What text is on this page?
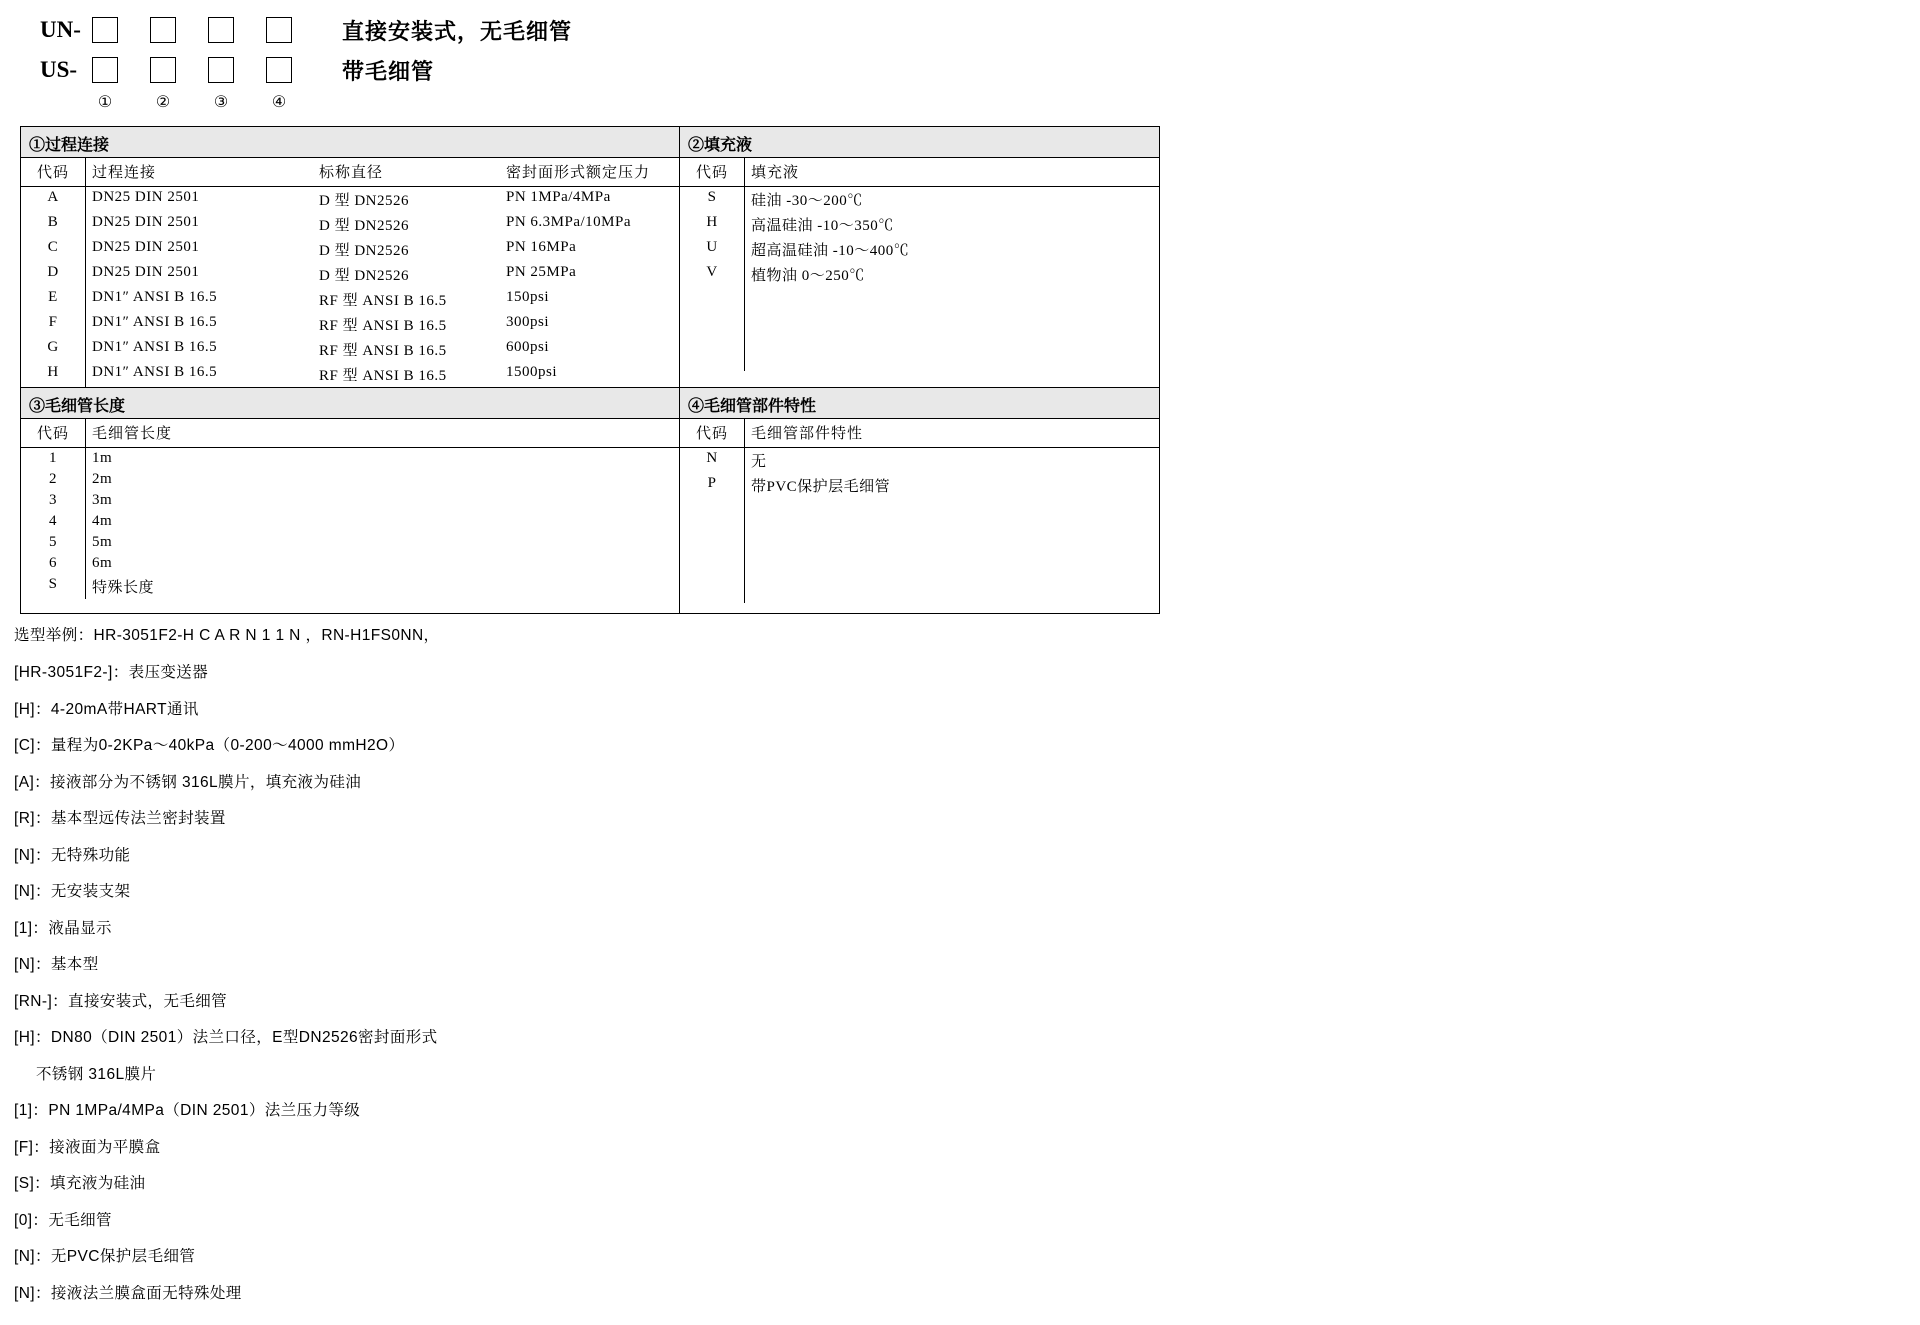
UN-	直接安装式，无毛细管
US-	带毛细管
①	②	③	④
①过程连接
代码	过程连接	标称直径	密封面形式额定压力
A	DN25 DIN 2501	D 型 DN2526	PN 1MPa/4MPa
B	DN25 DIN 2501	D 型 DN2526	PN 6.3MPa/10MPa
C	DN25 DIN 2501	D 型 DN2526	PN 16MPa
D	DN25 DIN 2501	D 型 DN2526	PN 25MPa
E	DN1″ ANSI B 16.5	RF 型 ANSI B 16.5	150psi
F	DN1″ ANSI B 16.5	RF 型 ANSI B 16.5	300psi
G	DN1″ ANSI B 16.5	RF 型 ANSI B 16.5	600psi
H	DN1″ ANSI B 16.5	RF 型 ANSI B 16.5	1500psi
②填充液
代码	填充液
S	硅油 -30～200℃
H	高温硅油 -10～350℃
U	超高温硅油 -10～400℃
V	植物油 0～250℃

③毛细管长度
代码	毛细管长度
1	1m
2	2m
3	3m
4	4m
5	5m
6	6m
S	特殊长度
④毛细管部件特性
代码	毛细管部件特性
N	无
P	带PVC保护层毛细管

选型举例：HR-3051F2-H C A R N 1 1 N ，RN-H1FS0NN，
[HR-3051F2-]：表压变送器
[H]：4-20mA带HART通讯
[C]：量程为0-2KPa～40kPa（0-200～4000 mmH2O）
[A]：接液部分为不锈钢 316L膜片，填充液为硅油
[R]：基本型远传法兰密封装置
[N]：无特殊功能
[N]：无安装支架
[1]：液晶显示
[N]：基本型
[RN-]：直接安装式，无毛细管
[H]：DN80（DIN 2501）法兰口径，E型DN2526密封面形式
不锈钢 316L膜片
[1]：PN 1MPa/4MPa（DIN 2501）法兰压力等级
[F]：接液面为平膜盒
[S]：填充液为硅油
[0]：无毛细管
[N]：无PVC保护层毛细管
[N]：接液法兰膜盒面无特殊处理
